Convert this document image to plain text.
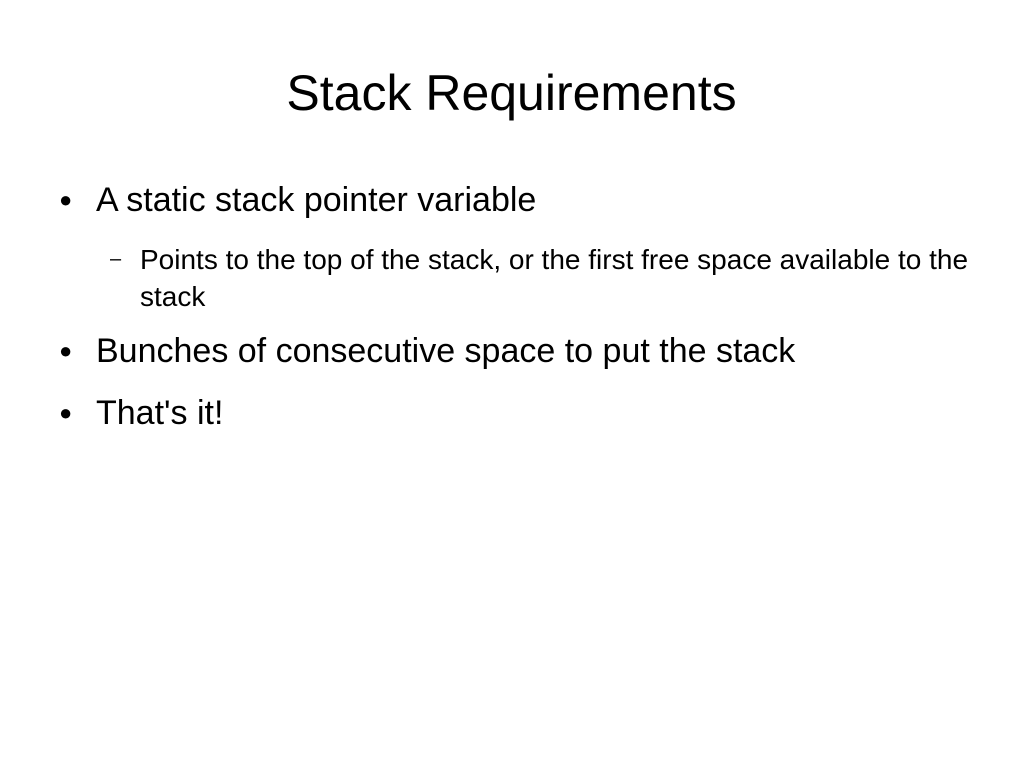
Stack Requirements
● A static stack pointer variable
– Points to the top of the stack, or the first free space available to the stack
● Bunches of consecutive space to put the stack
● That's it!
